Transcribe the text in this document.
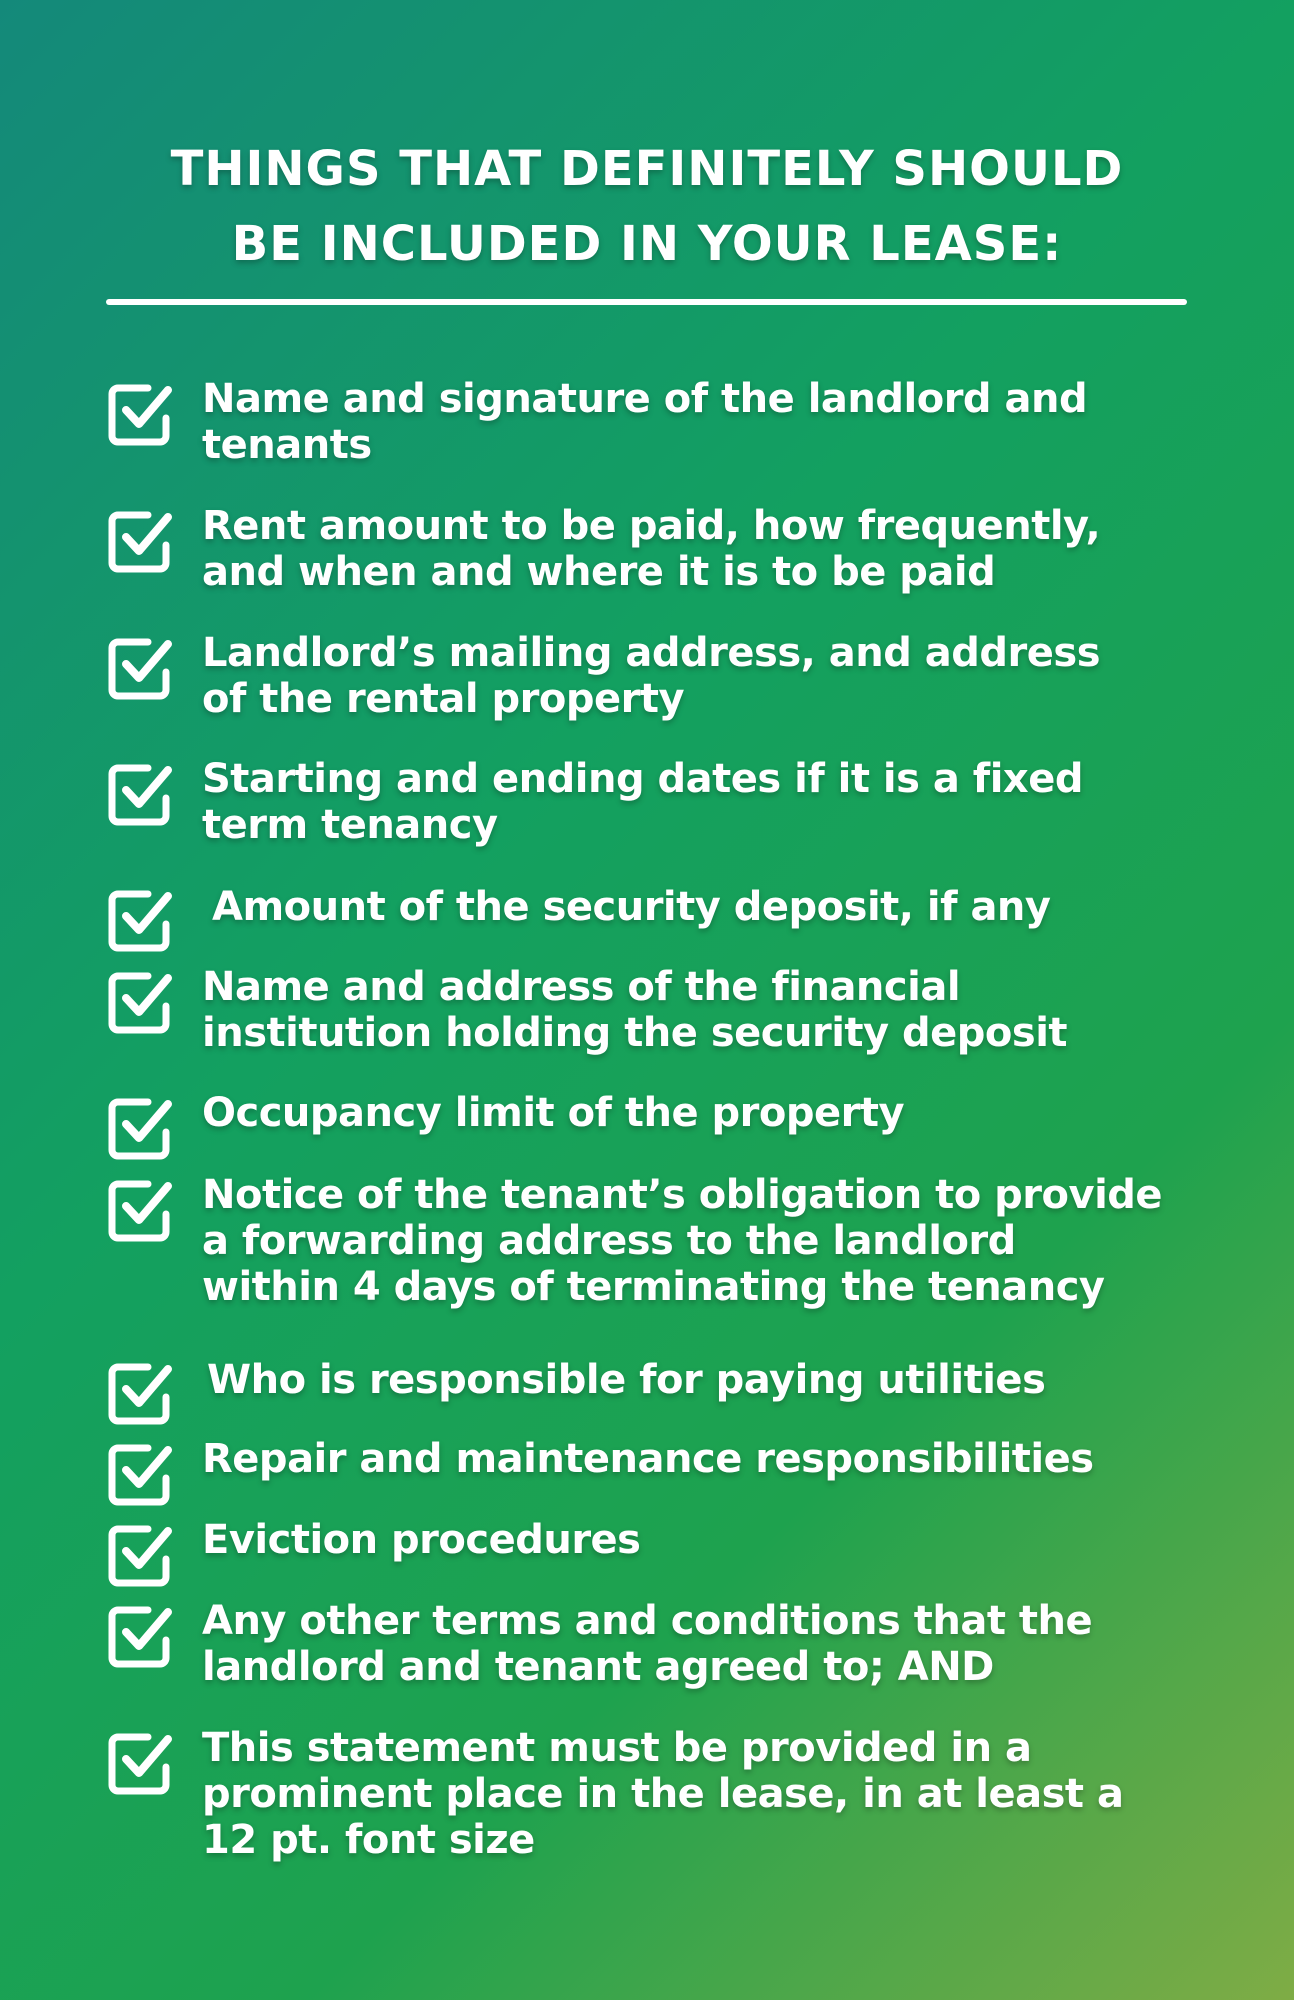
THINGS THAT DEFINITELY SHOULD
BE INCLUDED IN YOUR LEASE:
Name and signature of the landlord and
tenants
Rent amount to be paid, how frequently,
and when and where it is to be paid
Landlord’s mailing address, and address
of the rental property
Starting and ending dates if it is a fixed
term tenancy
Amount of the security deposit, if any
Name and address of the financial
institution holding the security deposit
Occupancy limit of the property
Notice of the tenant’s obligation to provide
a forwarding address to the landlord
within 4 days of terminating the tenancy
Who is responsible for paying utilities
Repair and maintenance responsibilities
Eviction procedures
Any other terms and conditions that the
landlord and tenant agreed to; AND
This statement must be provided in a
prominent place in the lease, in at least a
12 pt. font size
